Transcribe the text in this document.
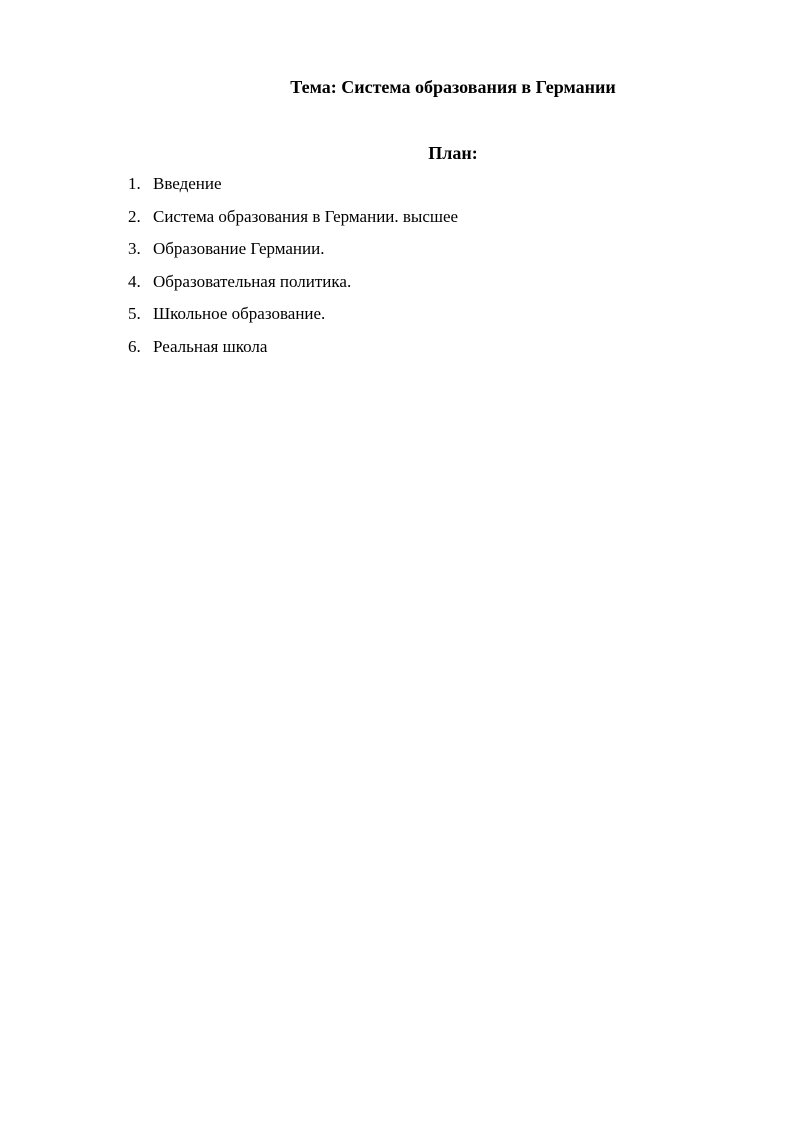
Тема: Система образования в Германии
План:
1. Введение
2. Система образования в Германии. высшее
3. Образование Германии.
4. Образовательная политика.
5. Школьное образование.
6. Реальная школа
